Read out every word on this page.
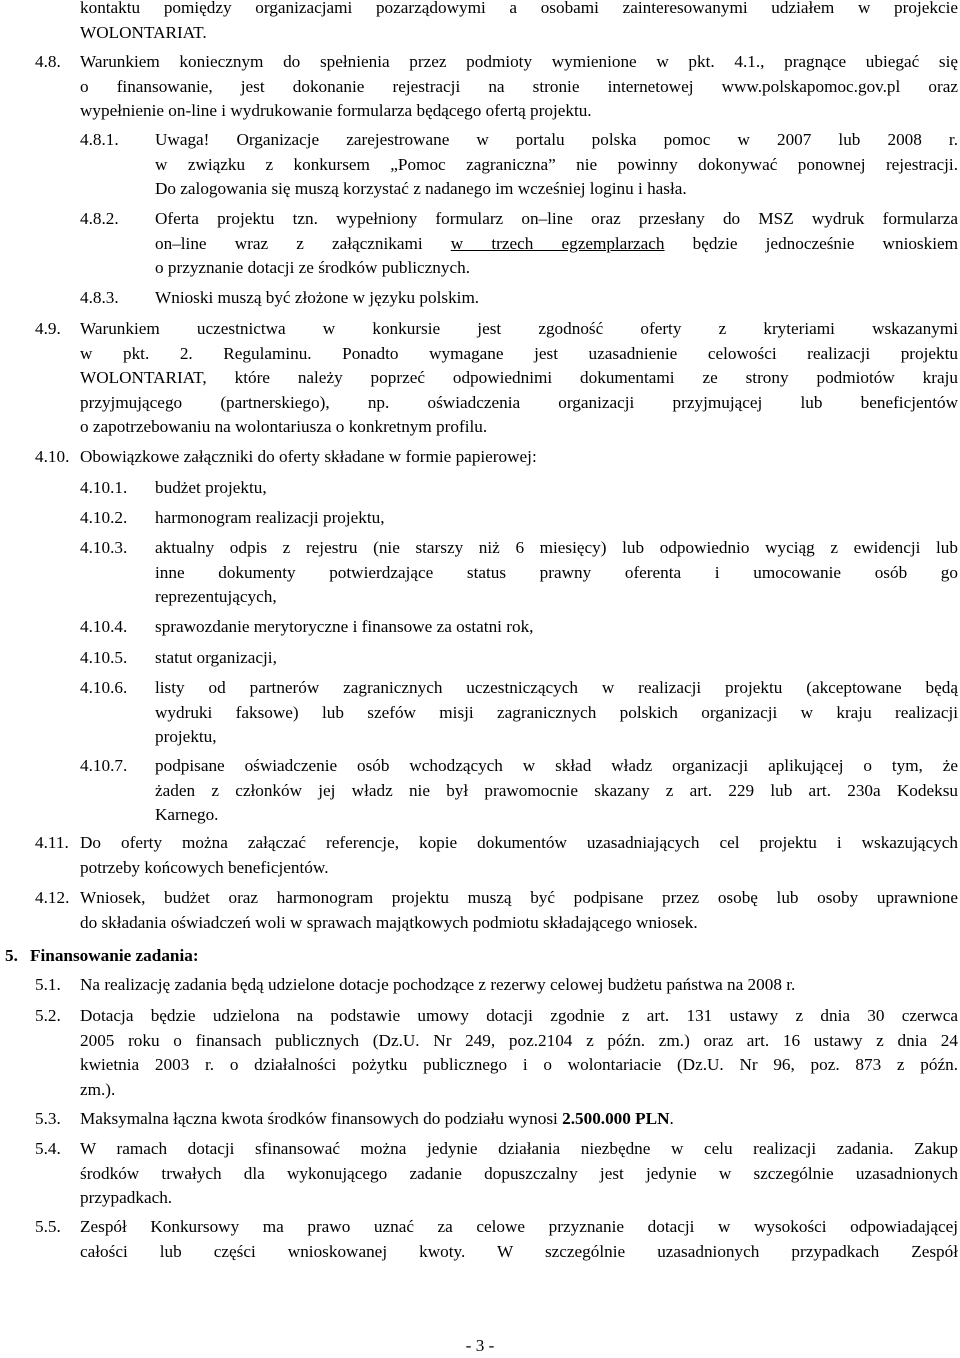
kontaktu pomiędzy organizacjami pozarządowymi a osobami zainteresowanymi udziałem w projekcie
WOLONTARIAT.
4.8. Warunkiem koniecznym do spełnienia przez podmioty wymienione w pkt. 4.1., pragnące ubiegać się
o finansowanie, jest dokonanie rejestracji na stronie internetowej www.polskapomoc.gov.pl oraz
wypełnienie on-line i wydrukowanie formularza będącego ofertą projektu.
4.8.1. Uwaga! Organizacje zarejestrowane w portalu polska pomoc w 2007 lub 2008 r.
w związku z konkursem „Pomoc zagraniczna” nie powinny dokonywać ponownej rejestracji.
Do zalogowania się muszą korzystać z nadanego im wcześniej loginu i hasła.
4.8.2. Oferta projektu tzn. wypełniony formularz on–line oraz przesłany do MSZ wydruk formularza
on–line wraz z załącznikami w trzech egzemplarzach będzie jednocześnie wnioskiem
o przyznanie dotacji ze środków publicznych.
4.8.3. Wnioski muszą być złożone w języku polskim.
4.9. Warunkiem uczestnictwa w konkursie jest zgodność oferty z kryteriami wskazanymi
w pkt. 2. Regulaminu. Ponadto wymagane jest uzasadnienie celowości realizacji projektu
WOLONTARIAT, które należy poprzeć odpowiednimi dokumentami ze strony podmiotów kraju
przyjmującego (partnerskiego), np. oświadczenia organizacji przyjmującej lub beneficjentów
o zapotrzebowaniu na wolontariusza o konkretnym profilu.
4.10. Obowiązkowe załączniki do oferty składane w formie papierowej:
4.10.1. budżet projektu,
4.10.2. harmonogram realizacji projektu,
4.10.3. aktualny odpis z rejestru (nie starszy niż 6 miesięcy) lub odpowiednio wyciąg z ewidencji lub
inne dokumenty potwierdzające status prawny oferenta i umocowanie osób go
reprezentujących,
4.10.4. sprawozdanie merytoryczne i finansowe za ostatni rok,
4.10.5. statut organizacji,
4.10.6. listy od partnerów zagranicznych uczestniczących w realizacji projektu (akceptowane będą
wydruki faksowe) lub szefów misji zagranicznych polskich organizacji w kraju realizacji
projektu,
4.10.7. podpisane oświadczenie osób wchodzących w skład władz organizacji aplikującej o tym, że
żaden z członków jej władz nie był prawomocnie skazany z art. 229 lub art. 230a Kodeksu
Karnego.
4.11. Do oferty można załączać referencje, kopie dokumentów uzasadniających cel projektu i wskazujących
potrzeby końcowych beneficjentów.
4.12. Wniosek, budżet oraz harmonogram projektu muszą być podpisane przez osobę lub osoby uprawnione
do składania oświadczeń woli w sprawach majątkowych podmiotu składającego wniosek.
5. Finansowanie zadania:
5.1. Na realizację zadania będą udzielone dotacje pochodzące z rezerwy celowej budżetu państwa na 2008 r.
5.2. Dotacja będzie udzielona na podstawie umowy dotacji zgodnie z art. 131 ustawy z dnia 30 czerwca
2005 roku o finansach publicznych (Dz.U. Nr 249, poz.2104 z późn. zm.) oraz art. 16 ustawy z dnia 24
kwietnia 2003 r. o działalności pożytku publicznego i o wolontariacie (Dz.U. Nr 96, poz. 873 z późn.
zm.).
5.3. Maksymalna łączna kwota środków finansowych do podziału wynosi 2.500.000 PLN.
5.4. W ramach dotacji sfinansować można jedynie działania niezbędne w celu realizacji zadania. Zakup
środków trwałych dla wykonującego zadanie dopuszczalny jest jedynie w szczególnie uzasadnionych
przypadkach.
5.5. Zespół Konkursowy ma prawo uznać za celowe przyznanie dotacji w wysokości odpowiadającej
całości lub części wnioskowanej kwoty. W szczególnie uzasadnionych przypadkach Zespół
- 3 -
